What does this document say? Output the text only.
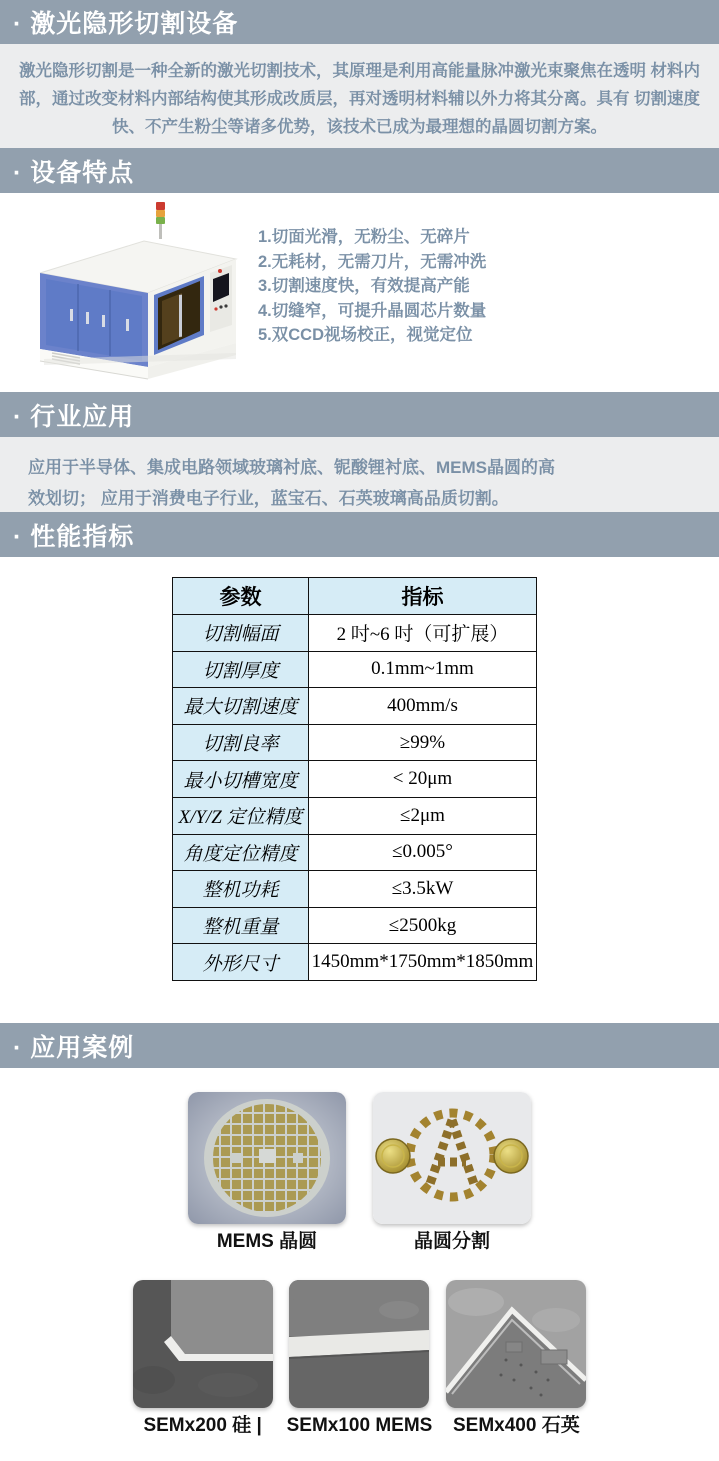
· 激光隐形切割设备
激光隐形切割是一种全新的激光切割技术，其原理是利用高能量脉冲激光束聚焦在透明 材料内
部，通过改变材料内部结构使其形成改质层，再对透明材料辅以外力将其分离。具有 切割速度
快、不产生粉尘等诸多优势，该技术已成为最理想的晶圆切割方案。
· 设备特点
1.切面光滑，无粉尘、无碎片
2.无耗材，无需刀片，无需冲洗
3.切割速度快，有效提高产能
4.切缝窄，可提升晶圆芯片数量
5.双CCD视场校正，视觉定位
· 行业应用
应用于半导体、集成电路领域玻璃衬底、铌酸锂衬底、MEMS晶圆的高
效划切； 应用于消费电子行业，蓝宝石、石英玻璃高品质切割。
· 性能指标
参数	指标
切割幅面	2 吋~6 吋（可扩展）
切割厚度	0.1mm~1mm
最大切割速度	400mm/s
切割良率	≥99%
最小切槽宽度	< 20μm
X/Y/Z 定位精度	≤2μm
角度定位精度	≤0.005°
整机功耗	≤3.5kW
整机重量	≤2500kg
外形尺寸	1450mm*1750mm*1850mm
· 应用案例
MEMS 晶圆	晶圆分割
SEMx200 硅 | SEMx100 MEMS SEMx400 石英
